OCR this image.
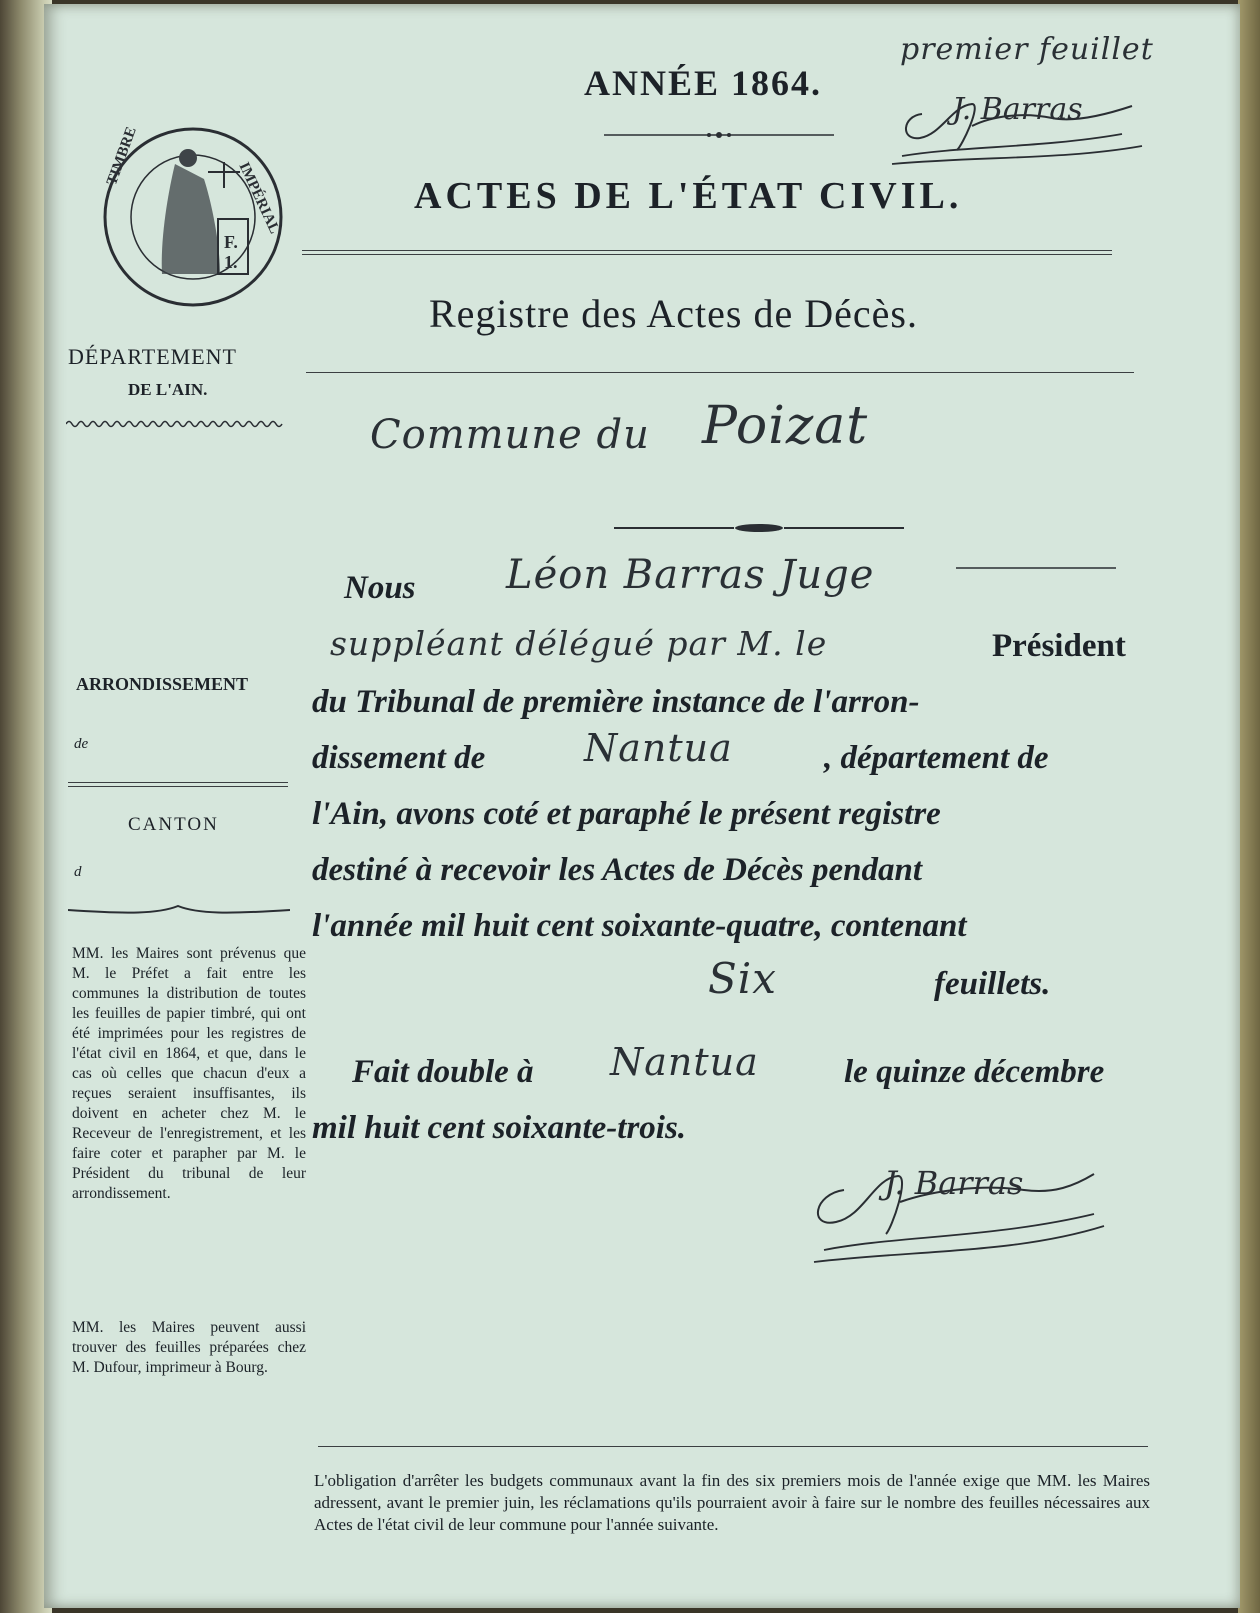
ANNÉE 1864.
premier feuillet
J. Barras
ACTES DE L'ÉTAT CIVIL.
Registre des Actes de Décès.
TIMBRE
IMPÉRIAL
F. 1.
DÉPARTEMENT
DE L'AIN.
ARRONDISSEMENT
de
CANTON
d
MM. les Maires sont prévenus que M. le Préfet a fait entre les communes la distribution de toutes les feuilles de papier timbré, qui ont été imprimées pour les registres de l'état civil en 1864, et que, dans le cas où celles que chacun d'eux a reçues seraient insuffisantes, ils doivent en acheter chez M. le Receveur de l'enregistrement, et les faire coter et parapher par M. le Président du tribunal de leur arrondissement.
MM. les Maires peuvent aussi trouver des feuilles préparées chez M. Dufour, imprimeur à Bourg.
Commune du Poizat
Nous Léon Barras Juge
suppléant délégué par M. le	Président
du Tribunal de première instance de l'arron-
dissement de	Nantua	, département de
l'Ain, avons coté et paraphé le présent registre
destiné à recevoir les Actes de Décès pendant
l'année mil huit cent soixante-quatre, contenant
Six	feuillets.
Fait double à Nantua	le quinze décembre
mil huit cent soixante-trois.
J. Barras
L'obligation d'arrêter les budgets communaux avant la fin des six premiers mois de l'année exige que MM. les Maires adressent, avant le premier juin, les réclamations qu'ils pourraient avoir à faire sur le nombre des feuilles nécessaires aux Actes de l'état civil de leur commune pour l'année suivante.
